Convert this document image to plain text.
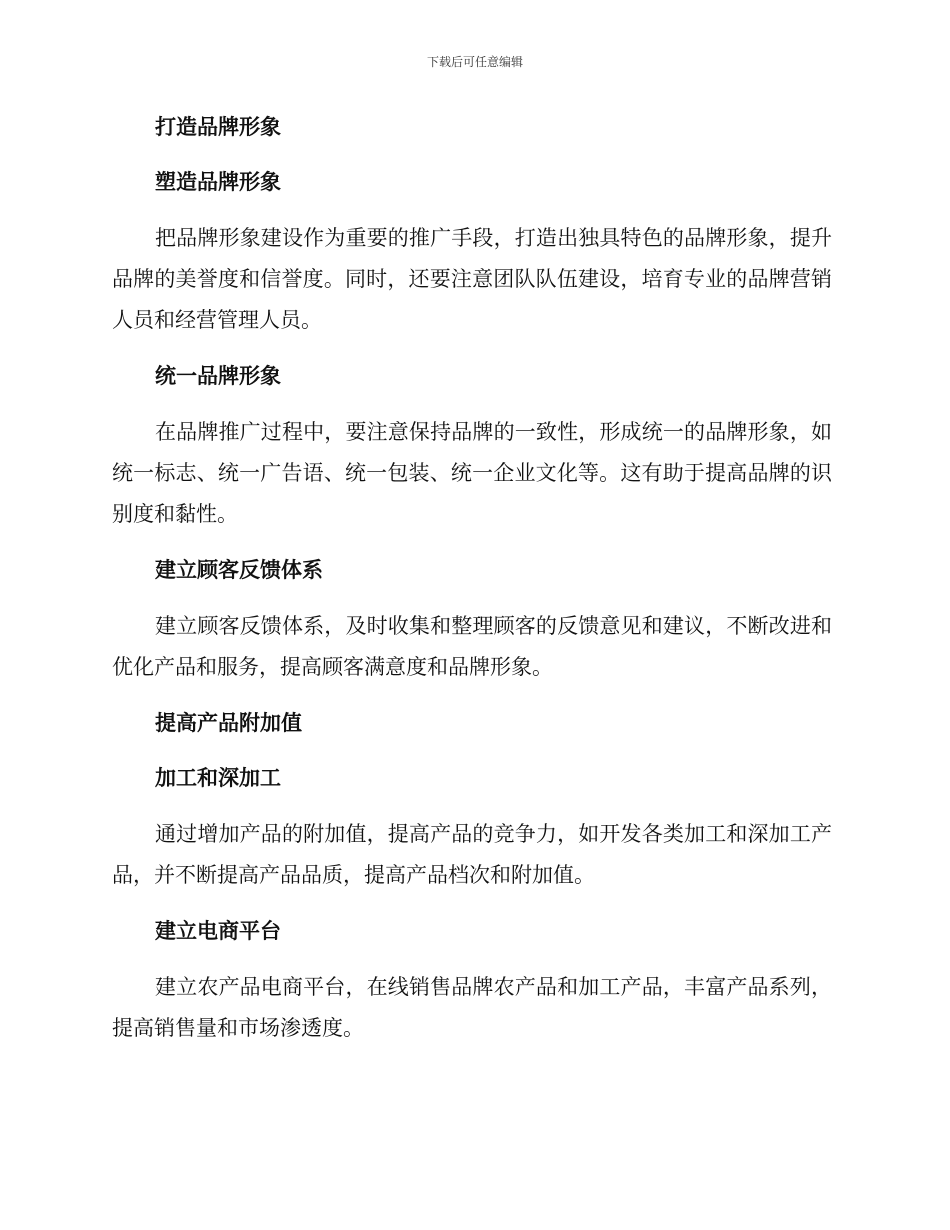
下载后可任意编辑
打造品牌形象
塑造品牌形象

把品牌形象建设作为重要的推广手段，打造出独具特色的品牌形象，提升品牌的美誉度和信誉度。同时，还要注意团队队伍建设，培育专业的品牌营销人员和经营管理人员。

统一品牌形象

在品牌推广过程中，要注意保持品牌的一致性，形成统一的品牌形象，如统一标志、统一广告语、统一包装、统一企业文化等。这有助于提高品牌的识别度和黏性。

建立顾客反馈体系

建立顾客反馈体系，及时收集和整理顾客的反馈意见和建议，不断改进和优化产品和服务，提高顾客满意度和品牌形象。

提高产品附加值
加工和深加工

通过增加产品的附加值，提高产品的竞争力，如开发各类加工和深加工产品，并不断提高产品品质，提高产品档次和附加值。

建立电商平台

建立农产品电商平台，在线销售品牌农产品和加工产品，丰富产品系列，提高销售量和市场渗透度。
